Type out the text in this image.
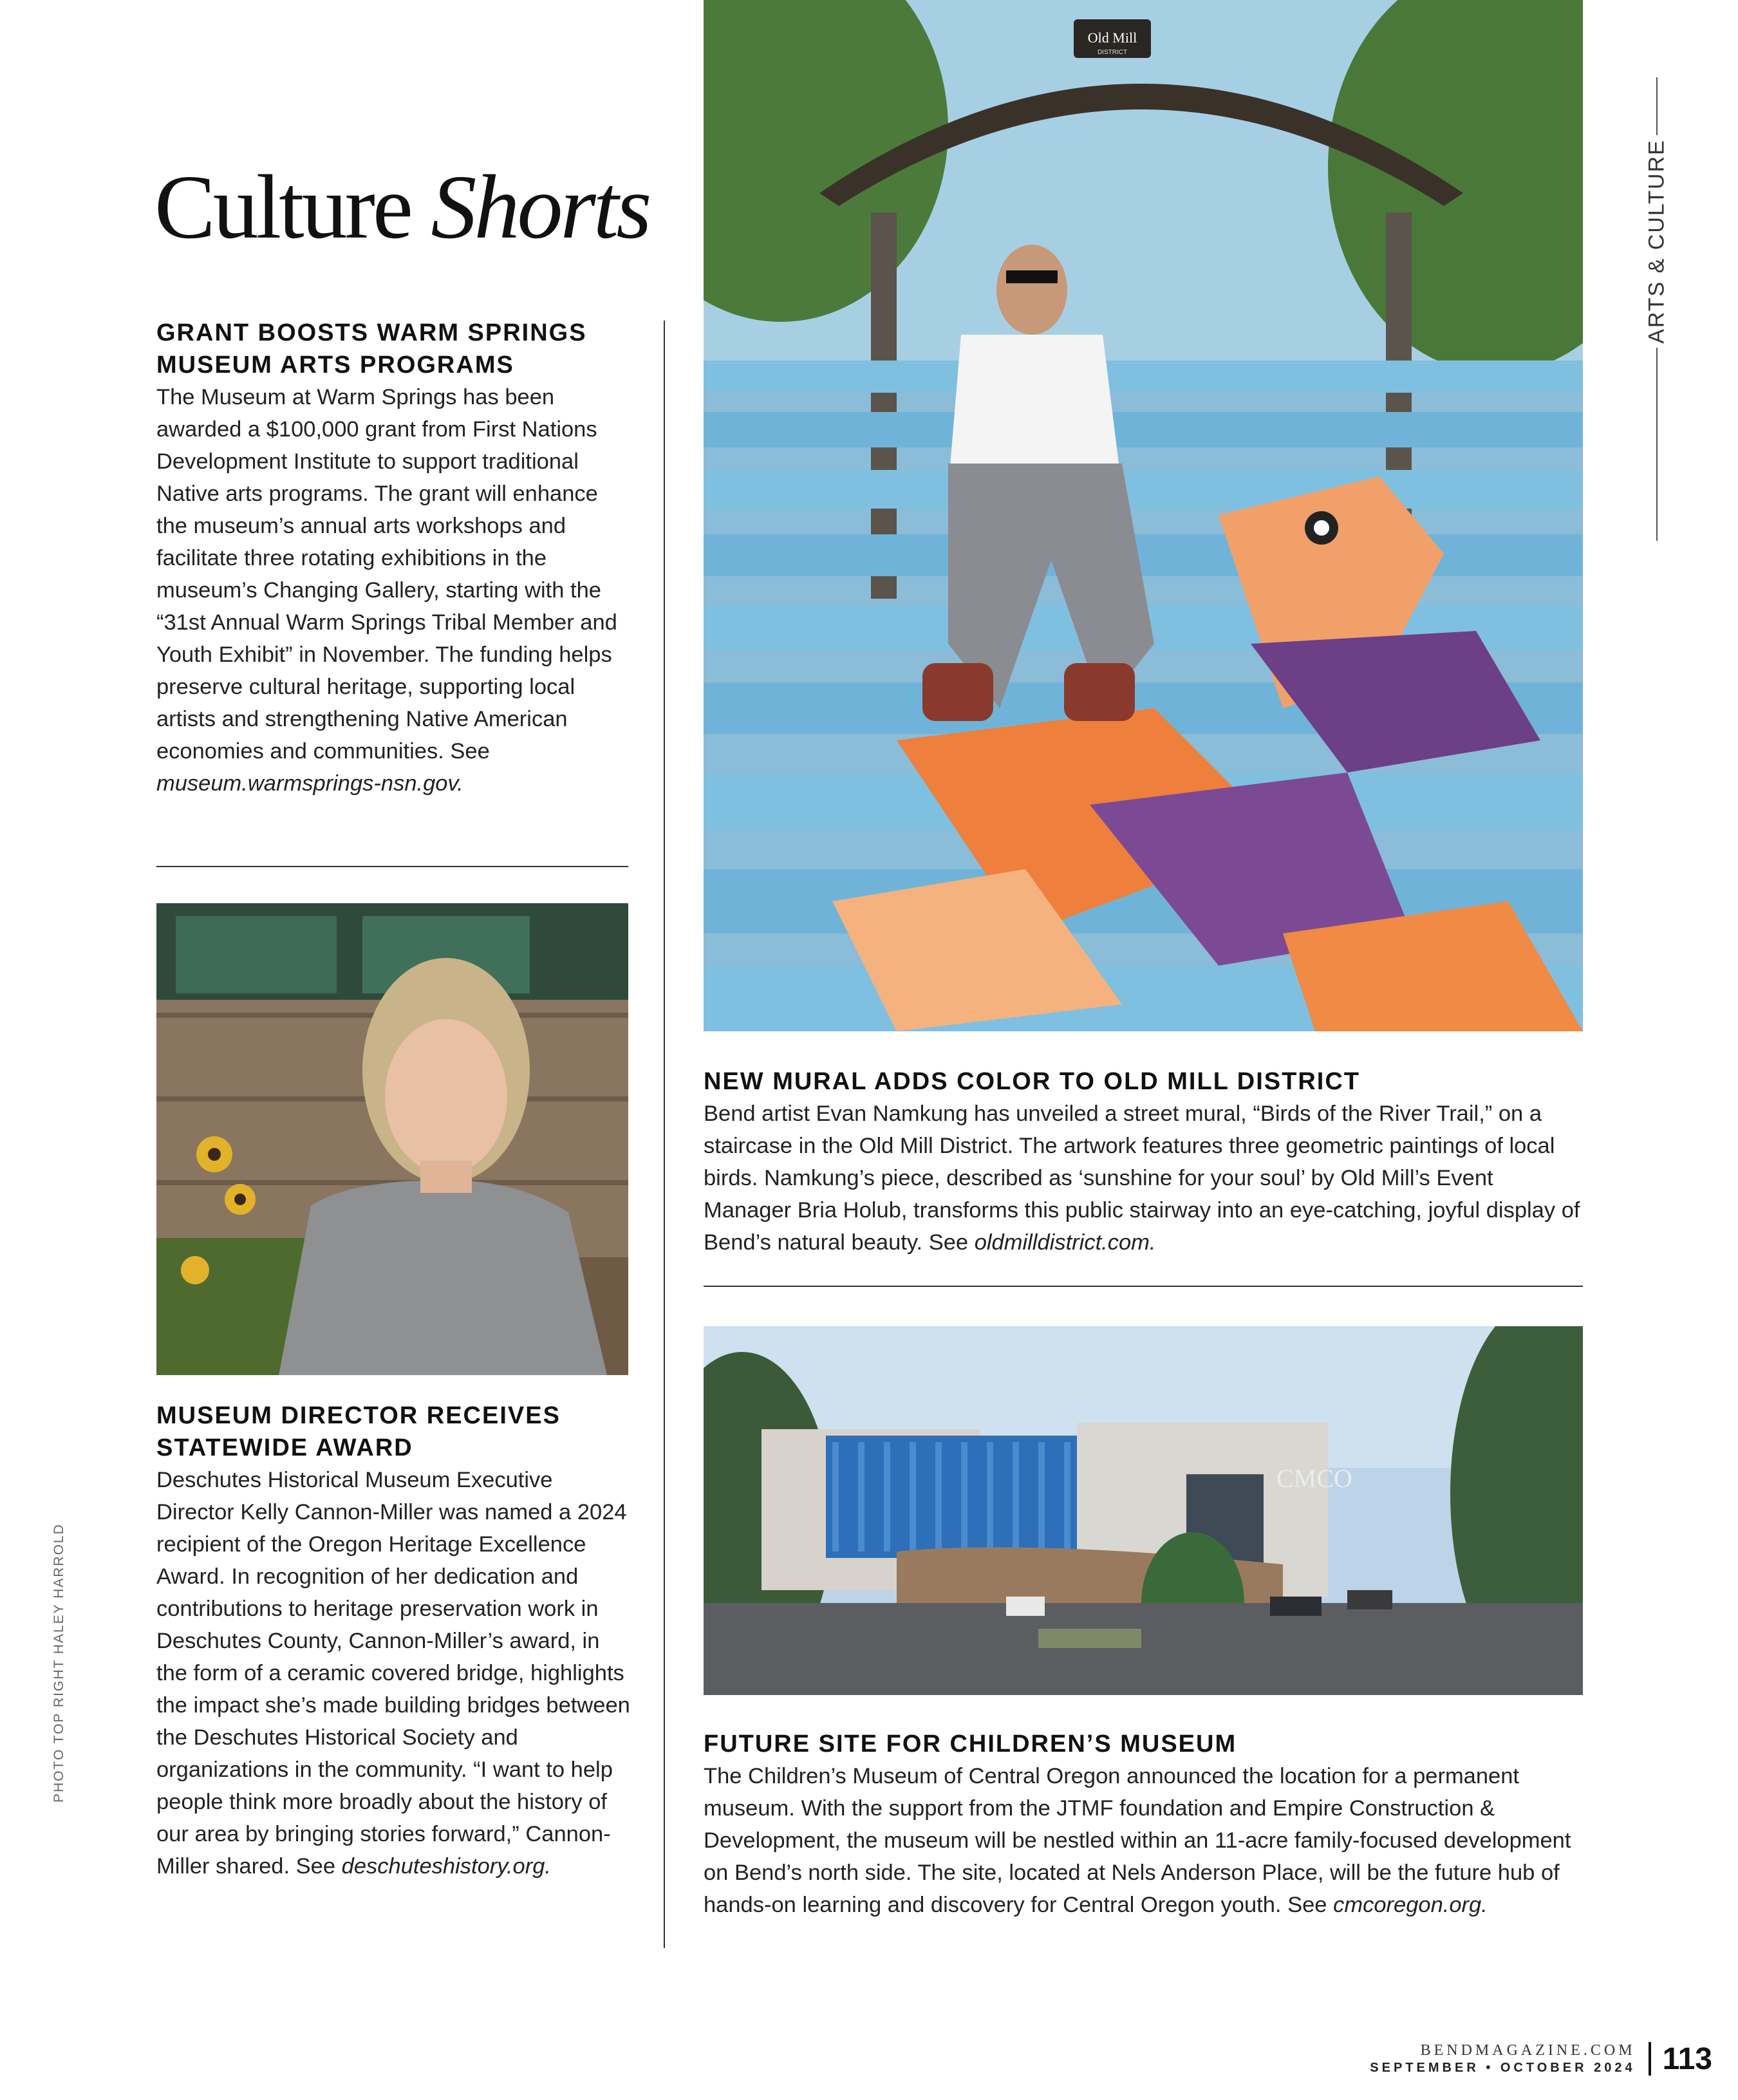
Culture Shorts
GRANT BOOSTS WARM SPRINGS MUSEUM ARTS PROGRAMS

The Museum at Warm Springs has been awarded a $100,000 grant from First Nations Development Institute to support traditional Native arts programs. The grant will enhance the museum’s annual arts workshops and facilitate three rotating exhibitions in the museum’s Changing Gallery, starting with the “31st Annual Warm Springs Tribal Member and Youth Exhibit” in November. The funding helps preserve cultural heritage, supporting local artists and strengthening Native American economies and communities. See museum.warmsprings-nsn.gov.

MUSEUM DIRECTOR RECEIVES STATEWIDE AWARD

Deschutes Historical Museum Executive Director Kelly Cannon-Miller was named a 2024 recipient of the Oregon Heritage Excellence Award. In recognition of her dedication and contributions to heritage preservation work in Deschutes County, Cannon-Miller’s award, in the form of a ceramic covered bridge, highlights the impact she’s made building bridges between the Deschutes Historical Society and organizations in the community. “I want to help people think more broadly about the history of our area by bringing stories forward,” Cannon-Miller shared. See deschuteshistory.org.

Old Mill
DISTRICT
NEW MURAL ADDS COLOR TO OLD MILL DISTRICT

Bend artist Evan Namkung has unveiled a street mural, “Birds of the River Trail,” on a staircase in the Old Mill District. The artwork features three geometric paintings of local birds. Namkung’s piece, described as ‘sunshine for your soul’ by Old Mill’s Event Manager Bria Holub, transforms this public stairway into an eye-catching, joyful display of Bend’s natural beauty. See oldmilldistrict.com.

CMCO
FUTURE SITE FOR CHILDREN’S MUSEUM

The Children’s Museum of Central Oregon announced the location for a permanent museum. With the support from the JTMF foundation and Empire Construction & Development, the museum will be nestled within an 11-acre family-focused development on Bend’s north side. The site, located at Nels Anderson Place, will be the future hub of hands-on learning and discovery for Central Oregon youth. See cmcoregon.org.

ARTS & CULTURE
PHOTO TOP RIGHT HALEY HARROLD
BENDMAGAZINE.COM
SEPTEMBER • OCTOBER 2024 113
